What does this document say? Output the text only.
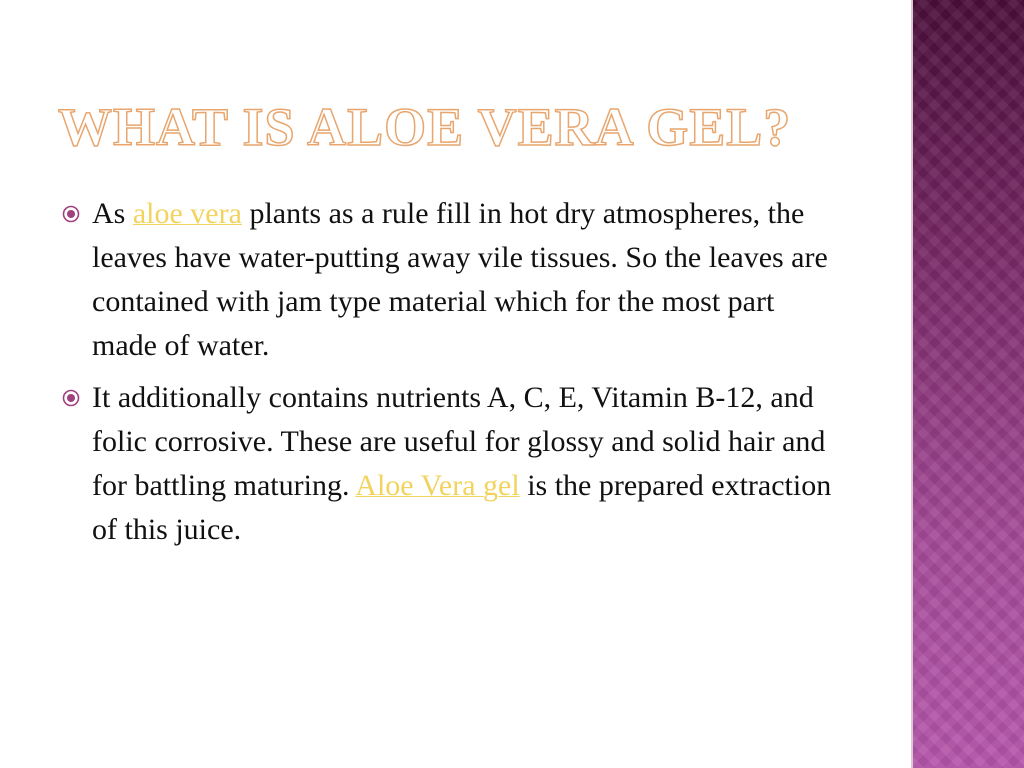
WHAT IS ALOE VERA GEL?
As aloe vera plants as a rule fill in hot dry atmospheres, the leaves have water-putting away vile tissues. So the leaves are contained with jam type material which for the most part made of water.
It additionally contains nutrients A, C, E, Vitamin B-12, and folic corrosive. These are useful for glossy and solid hair and for battling maturing. Aloe Vera gel is the prepared extraction of this juice.
